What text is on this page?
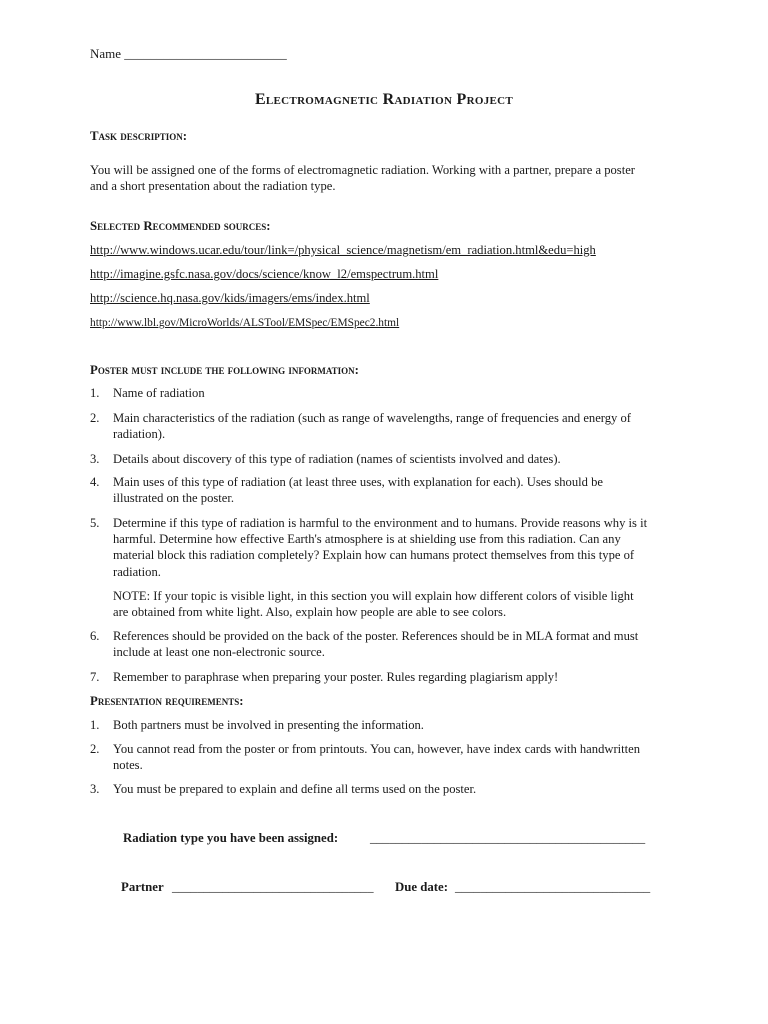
Name _________________________
Electromagnetic Radiation Project
Task description:
You will be assigned one of the forms of electromagnetic radiation. Working with a partner, prepare a poster
and a short presentation about the radiation type.
Selected Recommended sources:
http://www.windows.ucar.edu/tour/link=/physical_science/magnetism/em_radiation.html&edu=high
http://imagine.gsfc.nasa.gov/docs/science/know_l2/emspectrum.html
http://science.hq.nasa.gov/kids/imagers/ems/index.html
http://www.lbl.gov/MicroWorlds/ALSTool/EMSpec/EMSpec2.html
Poster must include the following information:
1.	Name of radiation
2.	Main characteristics of the radiation (such as range of wavelengths, range of frequencies and energy of
radiation).
3.	Details about discovery of this type of radiation (names of scientists involved and dates).
4.	Main uses of this type of radiation (at least three uses, with explanation for each). Uses should be
illustrated on the poster.
5.	Determine if this type of radiation is harmful to the environment and to humans. Provide reasons why is it
harmful. Determine how effective Earth's atmosphere is at shielding use from this radiation. Can any
material block this radiation completely? Explain how can humans protect themselves from this type of
radiation.
NOTE: If your topic is visible light, in this section you will explain how different colors of visible light
are obtained from white light. Also, explain how people are able to see colors.
6.	References should be provided on the back of the poster. References should be in MLA format and must
include at least one non-electronic source.
7.	Remember to paraphrase when preparing your poster. Rules regarding plagiarism apply!
Presentation requirements:
1.	Both partners must be involved in presenting the information.
2.	You cannot read from the poster or from printouts. You can, however, have index cards with handwritten
notes.
3.	You must be prepared to explain and define all terms used on the poster.
Radiation type you have been assigned: ___________________________________________
Partner ________________________________ Due date: _______________________________
